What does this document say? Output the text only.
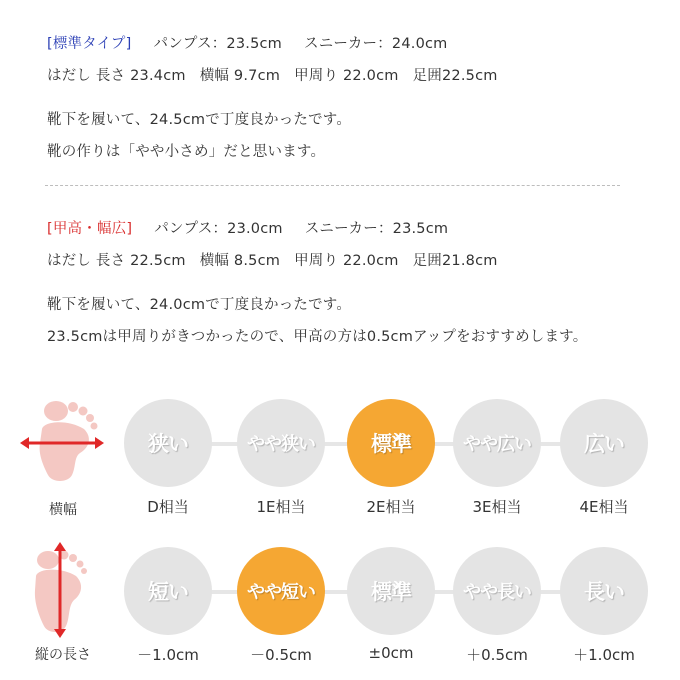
[標準タイプ] パンプス：23.5cm スニーカー：24.0cm
はだし 長さ 23.4cm 横幅 9.7cm 甲周り 22.0cm 足囲22.5cm
靴下を履いて、24.5cmで丁度良かったです。
靴の作りは「やや小さめ」だと思います。
[甲高・幅広] パンプス：23.0cm スニーカー：23.5cm
はだし 長さ 22.5cm 横幅 8.5cm 甲周り 22.0cm 足囲21.8cm
靴下を履いて、24.0cmで丁度良かったです。
23.5cmは甲周りがきつかったので、甲高の方は0.5cmアップをおすすめします。
横幅
狭い	やや狭い	標準	やや広い	広い
D相当	1E相当	2E相当	3E相当	4E相当
縦の長さ
短い	やや短い	標準	やや長い	長い
－1.0cm	－0.5cm	±0cm	＋0.5cm	＋1.0cm
